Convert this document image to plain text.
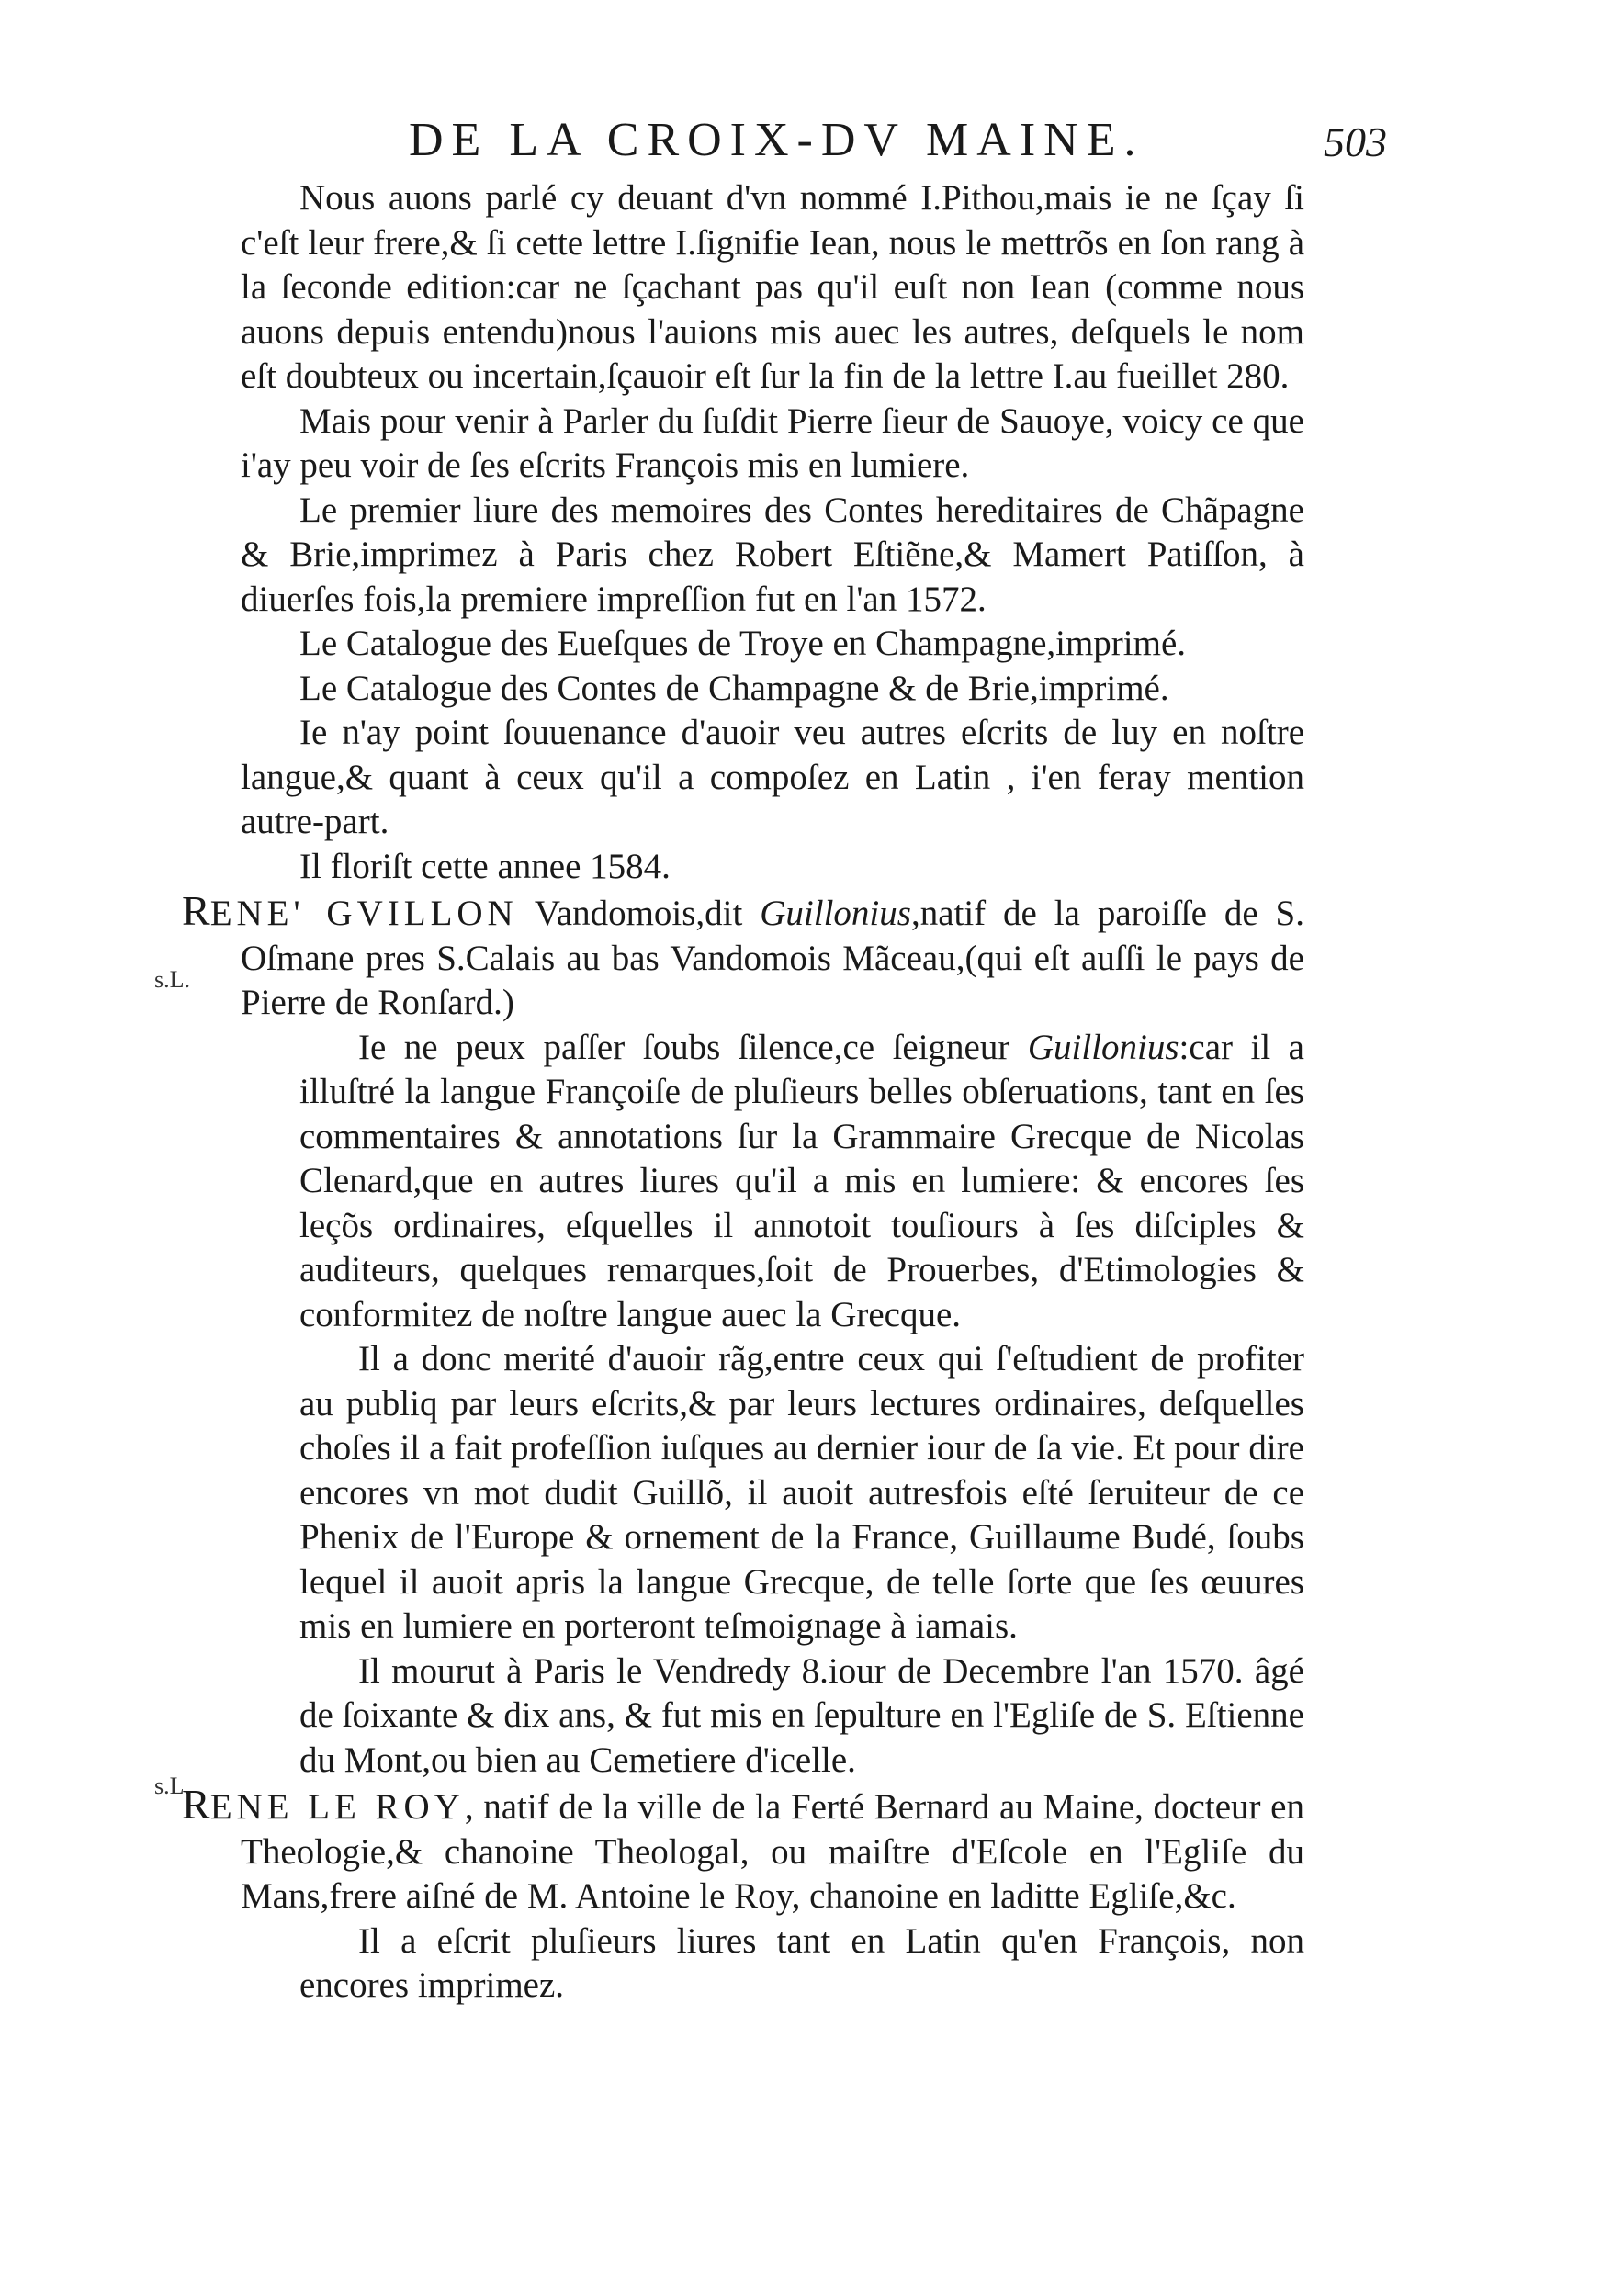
DE LA CROIX-DV MAINE.	503
s.L.
s.L.

Nous auons parlé cy deuant d'vn nommé I.Pithou,mais ie ne ſçay ſi c'eſt leur frere,& ſi cette lettre I.ſignifie Iean, nous le mettrõs en ſon rang à la ſeconde edition:car ne ſçachant pas qu'il euſt non Iean (comme nous auons depuis entendu)nous l'auions mis auec les autres, deſquels le nom eſt doubteux ou incertain,ſçauoir eſt ſur la fin de la lettre I.au fueillet 280.

Mais pour venir à Parler du ſuſdit Pierre ſieur de Sauoye, voicy ce que i'ay peu voir de ſes eſcrits François mis en lumiere.

Le premier liure des memoires des Contes hereditaires de Chãpagne & Brie,imprimez à Paris chez Robert Eſtiẽne,& Mamert Patiſſon, à diuerſes fois,la premiere impreſſion fut en l'an 1572.

Le Catalogue des Eueſques de Troye en Champagne,imprimé.

Le Catalogue des Contes de Champagne & de Brie,imprimé.

Ie n'ay point ſouuenance d'auoir veu autres eſcrits de luy en noſtre langue,& quant à ceux qu'il a compoſez en Latin , i'en feray mention autre-part.

Il floriſt cette annee 1584.

RENE' GVILLON Vandomois,dit Guillonius,natif de la paroiſſe de S. Oſmane pres S.Calais au bas Vandomois Mãceau,(qui eſt auſſi le pays de Pierre de Ronſard.)

Ie ne peux paſſer ſoubs ſilence,ce ſeigneur Guillonius:car il a illuſtré la langue Françoiſe de pluſieurs belles obſeruations, tant en ſes commentaires & annotations ſur la Grammaire Grecque de Nicolas Clenard,que en autres liures qu'il a mis en lumiere: & encores ſes leçõs ordinaires, eſquelles il annotoit touſiours à ſes diſciples & auditeurs, quelques remarques,ſoit de Prouerbes, d'Etimologies & conformitez de noſtre langue auec la Grecque.

Il a donc merité d'auoir rãg,entre ceux qui ſ'eſtudient de profiter au publiq par leurs eſcrits,& par leurs lectures ordinaires, deſquelles choſes il a fait profeſſion iuſques au dernier iour de ſa vie. Et pour dire encores vn mot dudit Guillõ, il auoit autresfois eſté ſeruiteur de ce Phenix de l'Europe & ornement de la France, Guillaume Budé, ſoubs lequel il auoit apris la langue Grecque, de telle ſorte que ſes œuures mis en lumiere en porteront teſmoignage à iamais.

Il mourut à Paris le Vendredy 8.iour de Decembre l'an 1570. âgé de ſoixante & dix ans, & fut mis en ſepulture en l'Egliſe de S. Eſtienne du Mont,ou bien au Cemetiere d'icelle.

RENE LE ROY, natif de la ville de la Ferté Bernard au Maine, docteur en Theologie,& chanoine Theologal, ou maiſtre d'Eſcole en l'Egliſe du Mans,frere aiſné de M. Antoine le Roy, chanoine en laditte Egliſe,&c.

Il a eſcrit pluſieurs liures tant en Latin qu'en François, non encores imprimez.
